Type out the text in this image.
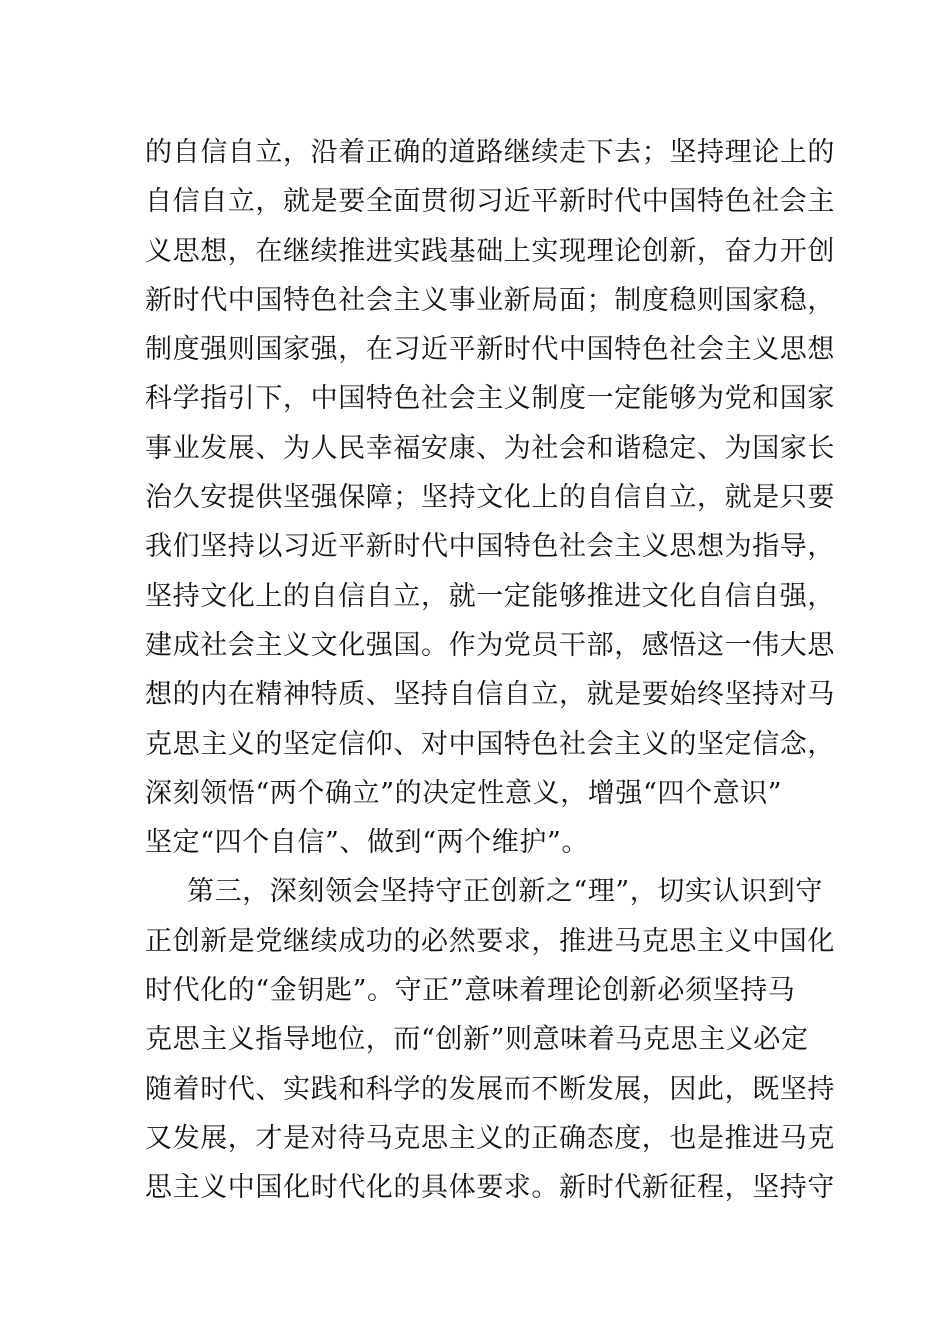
的自信自立，沿着正确的道路继续走下去；坚持理论上的
自信自立，就是要全面贯彻习近平新时代中国特色社会主
义思想，在继续推进实践基础上实现理论创新，奋力开创
新时代中国特色社会主义事业新局面；制度稳则国家稳，
制度强则国家强，在习近平新时代中国特色社会主义思想
科学指引下，中国特色社会主义制度一定能够为党和国家
事业发展、为人民幸福安康、为社会和谐稳定、为国家长
治久安提供坚强保障；坚持文化上的自信自立，就是只要
我们坚持以习近平新时代中国特色社会主义思想为指导，
坚持文化上的自信自立，就一定能够推进文化自信自强，
建成社会主义文化强国。作为党员干部，感悟这一伟大思
想的内在精神特质、坚持自信自立，就是要始终坚持对马
克思主义的坚定信仰、对中国特色社会主义的坚定信念，
深刻领悟“两个确立”的决定性意义，增强“四个意识”
坚定“四个自信”、做到“两个维护”。
第三，深刻领会坚持守正创新之“理”，切实认识到守
正创新是党继续成功的必然要求，推进马克思主义中国化
时代化的“金钥匙”。守正”意味着理论创新必须坚持马
克思主义指导地位，而“创新”则意味着马克思主义必定
随着时代、实践和科学的发展而不断发展，因此，既坚持
又发展，才是对待马克思主义的正确态度，也是推进马克
思主义中国化时代化的具体要求。新时代新征程，坚持守
